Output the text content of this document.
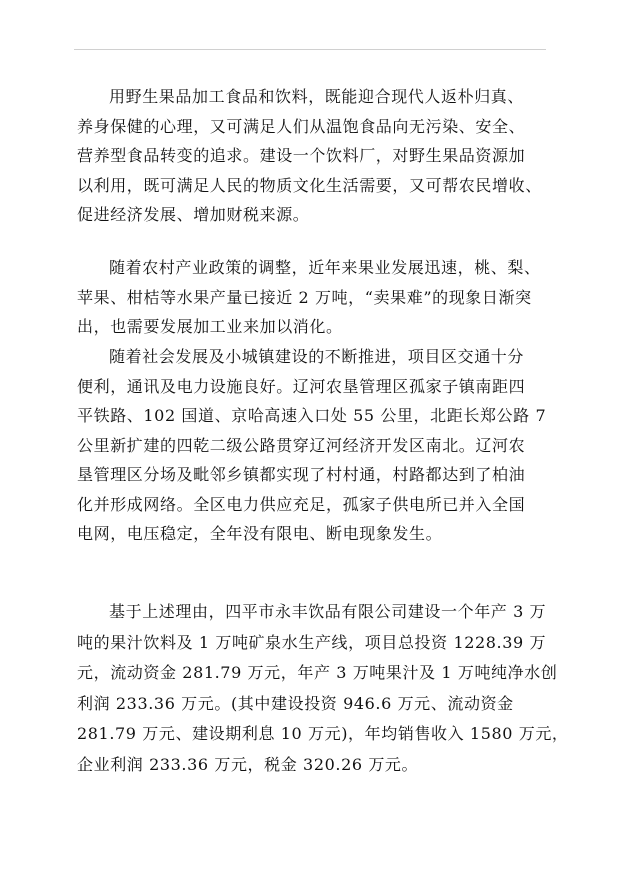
用野生果品加工食品和饮料，既能迎合现代人返朴归真、
养身保健的心理，又可满足人们从温饱食品向无污染、安全、
营养型食品转变的追求。建设一个饮料厂，对野生果品资源加
以利用，既可满足人民的物质文化生活需要，又可帮农民增收、
促进经济发展、增加财税来源。
随着农村产业政策的调整，近年来果业发展迅速，桃、梨、
苹果、柑桔等水果产量已接近 2 万吨，“卖果难”的现象日渐突
出，也需要发展加工业来加以消化。
随着社会发展及小城镇建设的不断推进，项目区交通十分
便利，通讯及电力设施良好。辽河农垦管理区孤家子镇南距四
平铁路、102 国道、京哈高速入口处 55 公里，北距长郑公路 7
公里新扩建的四乾二级公路贯穿辽河经济开发区南北。辽河农
垦管理区分场及毗邻乡镇都实现了村村通，村路都达到了柏油
化并形成网络。全区电力供应充足，孤家子供电所已并入全国
电网，电压稳定，全年没有限电、断电现象发生。
基于上述理由，四平市永丰饮品有限公司建设一个年产 3 万
吨的果汁饮料及 1 万吨矿泉水生产线，项目总投资 1228.39 万
元，流动资金 281.79 万元，年产 3 万吨果汁及 1 万吨纯净水创
利润 233.36 万元。(其中建设投资 946.6 万元、流动资金
281.79 万元、建设期利息 10 万元)，年均销售收入 1580 万元，
企业利润 233.36 万元，税金 320.26 万元。
